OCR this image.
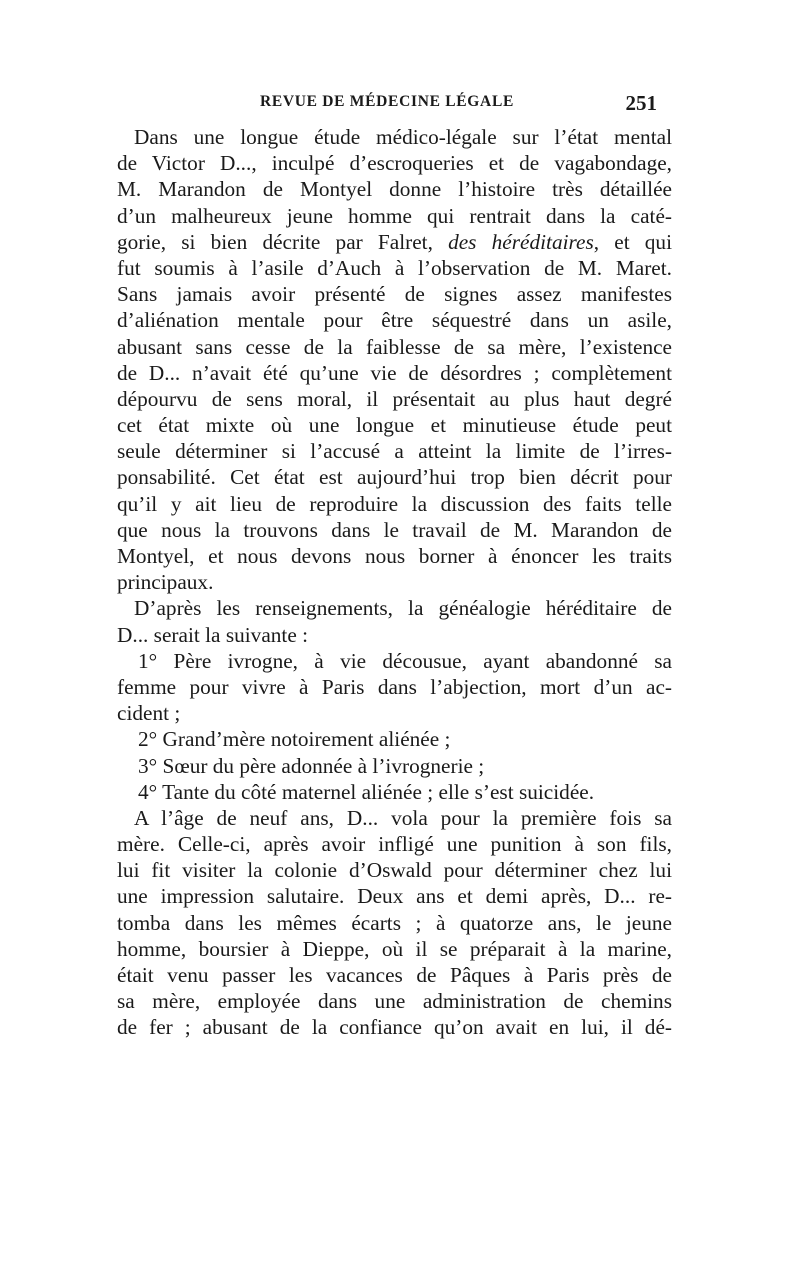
REVUE DE MÉDECINE LÉGALE	251
Dans une longue étude médico-légale sur l’état mental
de Victor D..., inculpé d’escroqueries et de vagabondage,
M. Marandon de Montyel donne l’histoire très détaillée
d’un malheureux jeune homme qui rentrait dans la caté-
gorie, si bien décrite par Falret, des héréditaires, et qui
fut soumis à l’asile d’Auch à l’observation de M. Maret.
Sans jamais avoir présenté de signes assez manifestes
d’aliénation mentale pour être séquestré dans un asile,
abusant sans cesse de la faiblesse de sa mère, l’existence
de D... n’avait été qu’une vie de désordres ; complètement
dépourvu de sens moral, il présentait au plus haut degré
cet état mixte où une longue et minutieuse étude peut
seule déterminer si l’accusé a atteint la limite de l’irres-
ponsabilité. Cet état est aujourd’hui trop bien décrit pour
qu’il y ait lieu de reproduire la discussion des faits telle
que nous la trouvons dans le travail de M. Marandon de
Montyel, et nous devons nous borner à énoncer les traits
principaux.
D’après les renseignements, la généalogie héréditaire de
D... serait la suivante :
1° Père ivrogne, à vie décousue, ayant abandonné sa
femme pour vivre à Paris dans l’abjection, mort d’un ac-
cident ;
2° Grand’mère notoirement aliénée ;
3° Sœur du père adonnée à l’ivrognerie ;
4° Tante du côté maternel aliénée ; elle s’est suicidée.
A l’âge de neuf ans, D... vola pour la première fois sa
mère. Celle-ci, après avoir infligé une punition à son fils,
lui fit visiter la colonie d’Oswald pour déterminer chez lui
une impression salutaire. Deux ans et demi après, D... re-
tomba dans les mêmes écarts ; à quatorze ans, le jeune
homme, boursier à Dieppe, où il se préparait à la marine,
était venu passer les vacances de Pâques à Paris près de
sa mère, employée dans une administration de chemins
de fer ; abusant de la confiance qu’on avait en lui, il dé-
